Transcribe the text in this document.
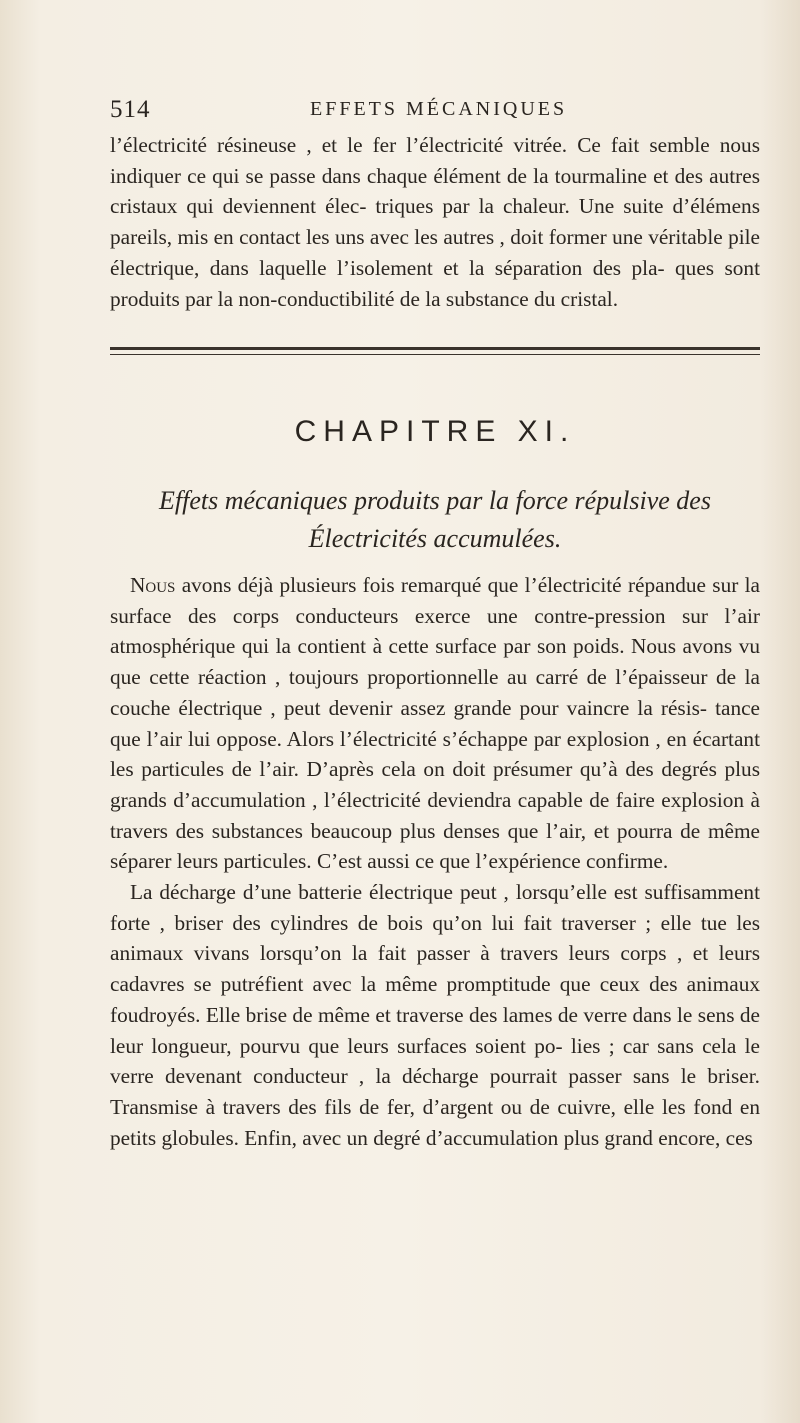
514	EFFETS MÉCANIQUES

l’électricité résineuse , et le fer l’électricité vitrée. Ce fait semble nous indiquer ce qui se passe dans chaque élément de la tourmaline et des autres cristaux qui deviennent élec- triques par la chaleur. Une suite d’élémens pareils, mis en contact les uns avec les autres , doit former une véritable pile électrique, dans laquelle l’isolement et la séparation des pla- ques sont produits par la non-conductibilité de la substance du cristal.

CHAPITRE XI.
Effets mécaniques produits par la force répulsive des
Électricités accumulées.

Nous avons déjà plusieurs fois remarqué que l’électricité répandue sur la surface des corps conducteurs exerce une contre-pression sur l’air atmosphérique qui la contient à cette surface par son poids. Nous avons vu que cette réaction , toujours proportionnelle au carré de l’épaisseur de la couche électrique , peut devenir assez grande pour vaincre la résis- tance que l’air lui oppose. Alors l’électricité s’échappe par explosion , en écartant les particules de l’air. D’après cela on doit présumer qu’à des degrés plus grands d’accumulation , l’électricité deviendra capable de faire explosion à travers des substances beaucoup plus denses que l’air, et pourra de même séparer leurs particules. C’est aussi ce que l’expérience confirme.

La décharge d’une batterie électrique peut , lorsqu’elle est suffisamment forte , briser des cylindres de bois qu’on lui fait traverser ; elle tue les animaux vivans lorsqu’on la fait passer à travers leurs corps , et leurs cadavres se putréfient avec la même promptitude que ceux des animaux foudroyés. Elle brise de même et traverse des lames de verre dans le sens de leur longueur, pourvu que leurs surfaces soient po- lies ; car sans cela le verre devenant conducteur , la décharge pourrait passer sans le briser. Transmise à travers des fils de fer, d’argent ou de cuivre, elle les fond en petits globules. Enfin, avec un degré d’accumulation plus grand encore, ces
